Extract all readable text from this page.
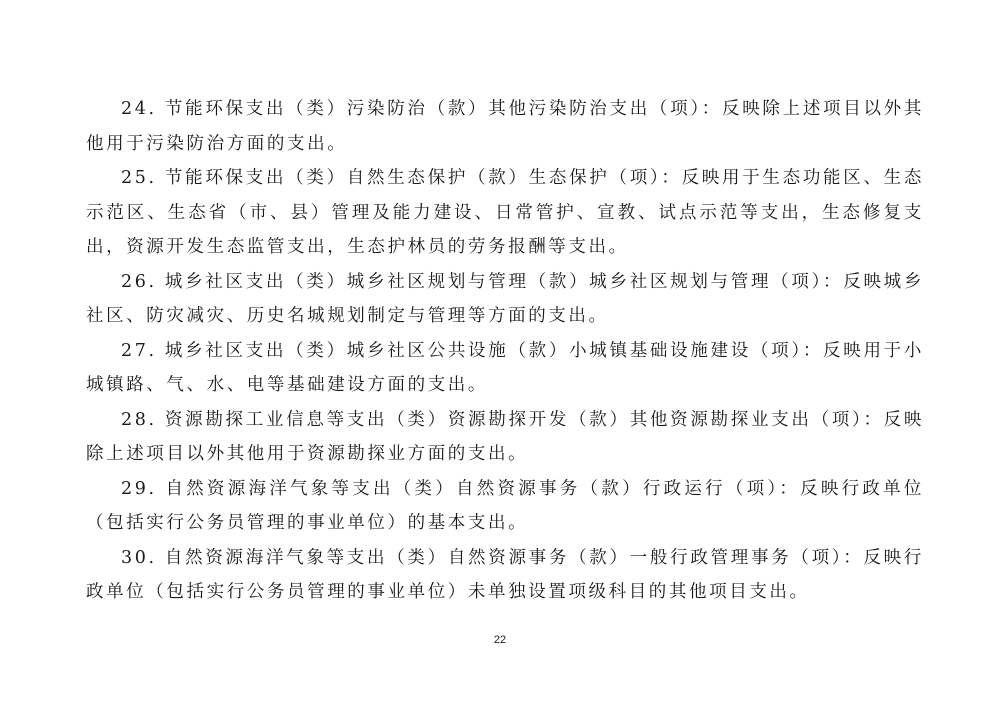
24. 节能环保支出（类）污染防治（款）其他污染防治支出（项）：反映除上述项目以外其他用于污染防治方面的支出。

25. 节能环保支出（类）自然生态保护（款）生态保护（项）：反映用于生态功能区、生态示范区、生态省（市、县）管理及能力建设、日常管护、宣教、试点示范等支出，生态修复支出，资源开发生态监管支出，生态护林员的劳务报酬等支出。

26. 城乡社区支出（类）城乡社区规划与管理（款）城乡社区规划与管理（项）：反映城乡社区、防灾减灾、历史名城规划制定与管理等方面的支出。

27. 城乡社区支出（类）城乡社区公共设施（款）小城镇基础设施建设（项）：反映用于小城镇路、气、水、电等基础建设方面的支出。

28. 资源勘探工业信息等支出（类）资源勘探开发（款）其他资源勘探业支出（项）：反映除上述项目以外其他用于资源勘探业方面的支出。

29. 自然资源海洋气象等支出（类）自然资源事务（款）行政运行（项）：反映行政单位（包括实行公务员管理的事业单位）的基本支出。

30. 自然资源海洋气象等支出（类）自然资源事务（款）一般行政管理事务（项）：反映行政单位（包括实行公务员管理的事业单位）未单独设置项级科目的其他项目支出。

22
